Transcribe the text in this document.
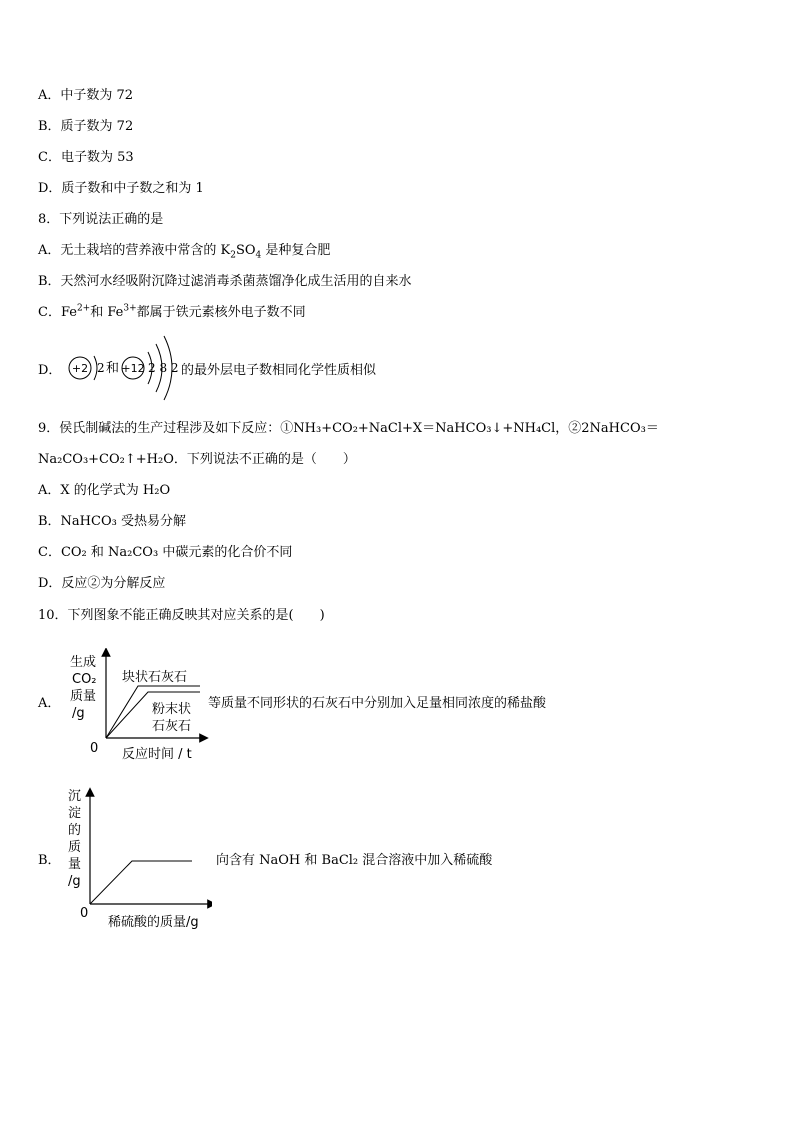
A．中子数为 72
B．质子数为 72
C．电子数为 53
D．质子数和中子数之和为 1
8．下列说法正确的是
A．无土栽培的营养液中常含的 $K_2SO_4$ 是种复合肥
B．天然河水经吸附沉降过滤消毒杀菌蒸馏净化成生活用的自来水
C．$Fe^{2+}$和 $Fe^{3+}$都属于铁元素核外电子数不同
D． +2 2 和 +12 2 8 2 的最外层电子数相同化学性质相似
9．侯氏制碱法的生产过程涉及如下反应：①NH₃+CO₂+NaCl+X＝NaHCO₃↓+NH₄Cl，②2NaHCO₃＝
Na₂CO₃+CO₂↑+H₂O．下列说法不正确的是（　　）
A．X 的化学式为 H₂O
B．NaHCO₃ 受热易分解
C．CO₂ 和 Na₂CO₃ 中碳元素的化合价不同
D．反应②为分解反应
10．下列图象不能正确反映其对应关系的是(　　)
A．
生成
CO₂
质量
/g
0 反应时间 / t
块状石灰石
粉末状
石灰石
等质量不同形状的石灰石中分别加入足量相同浓度的稀盐酸
B．
沉
淀
的
质
量
/g
0
稀硫酸的质量/g
向含有 NaOH 和 BaCl₂ 混合溶液中加入稀硫酸
